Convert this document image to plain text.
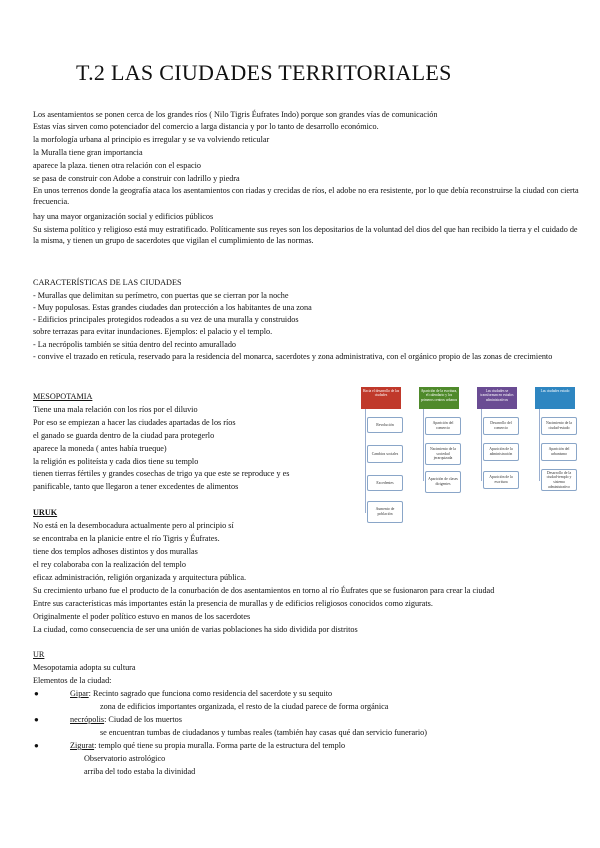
T.2 LAS CIUDADES TERRITORIALES
Los asentamientos se ponen cerca de los grandes ríos ( Nilo Tigris Éufrates Indo) porque son grandes vías de comunicación
Estas vías sirven como potenciador del comercio a larga distancia y por lo tanto de desarrollo económico.
la morfología urbana al principio es irregular y se va volviendo reticular
la Muralla tiene gran importancia
aparece la plaza. tienen otra relación con el espacio
se pasa de construir con Adobe a construir con ladrillo y piedra
En unos terrenos donde la geografía ataca los asentamientos con riadas y crecidas de ríos, el adobe no era resistente, por lo que debía reconstruirse la ciudad con cierta frecuencia.
hay una mayor organización social y edificios públicos
Su sistema político y religioso está muy estratificado. Políticamente sus reyes son los depositarios de la voluntad del dios del que han recibido la tierra y el cuidado de la misma, y tienen un grupo de sacerdotes que vigilan el cumplimiento de las normas.
CARACTERÍSTICAS DE LAS CIUDADES
- Murallas que delimitan su perímetro, con puertas que se cierran por la noche
- Muy populosas. Estas grandes ciudades dan protección a los habitantes de una zona
- Edificios principales protegidos rodeados a su vez de una muralla y construidos
sobre terrazas para evitar inundaciones. Ejemplos: el palacio y el templo.
- La necrópolis también se sitúa dentro del recinto amurallado
- convive el trazado en retícula, reservado para la residencia del monarca, sacerdotes y zona administrativa, con el orgánico propio de las zonas de crecimiento
MESOPOTAMIA
Tiene una mala relación con los ríos por el diluvio
Por eso se empiezan a hacer las ciudades apartadas de los ríos
el ganado se guarda dentro de la ciudad para protegerlo
aparece la moneda ( antes había trueque)
la religión es politeísta y cada dios tiene su templo
tienen tierras fértiles y grandes cosechas de trigo ya que este se reproduce y es
panificable, tanto que llegaron a tener excedentes de alimentos
Hacia el desarrollo de las ciudades
Aparición de la escritura, el calendario y los primeros centros urbanos
Las ciudades se transforman en estados administrativos
Las ciudades estado
Revolución
Cambios sociales
Excedentes
Aumento de población
Aparición del comercio
Nacimiento de la sociedad jerarquizada
Aparición de clases dirigentes
Desarrollo del comercio
Aparición de la administración
Aparición de la escritura
Nacimiento de la ciudad-estado
Aparición del urbanismo
Desarrollo de la ciudad-templo y sistema administrativo
URUK
No está en la desembocadura actualmente pero al principio sí
se encontraba en la planicie entre el río Tigris y Éufrates.
tiene dos templos adhoses distintos y dos murallas
el rey colaboraba con la realización del templo
eficaz administración, religión organizada y arquitectura pública.
Su crecimiento urbano fue el producto de la conurbación de dos asentamientos en torno al río Éufrates que se fusionaron para crear la ciudad
Entre sus características más importantes están la presencia de murallas y de edificios religiosos conocidos como zigurats.
Originalmente el poder político estuvo en manos de los sacerdotes
La ciudad, como consecuencia de ser una unión de varias poblaciones ha sido dividida por distritos
UR
Mesopotamia adopta su cultura
Elementos de la ciudad:
●	Gipar: Recinto sagrado que funciona como residencia del sacerdote y su sequito
zona de edificios importantes organizada, el resto de la ciudad parece de forma orgánica
●	necrópolis: Ciudad de los muertos
se encuentran tumbas de ciudadanos y tumbas reales (también hay casas qué dan servicio funerario)
●	Zigurat: templo qué tiene su propia muralla. Forma parte de la estructura del templo
Observatorio astrológico
arriba del todo estaba la divinidad
